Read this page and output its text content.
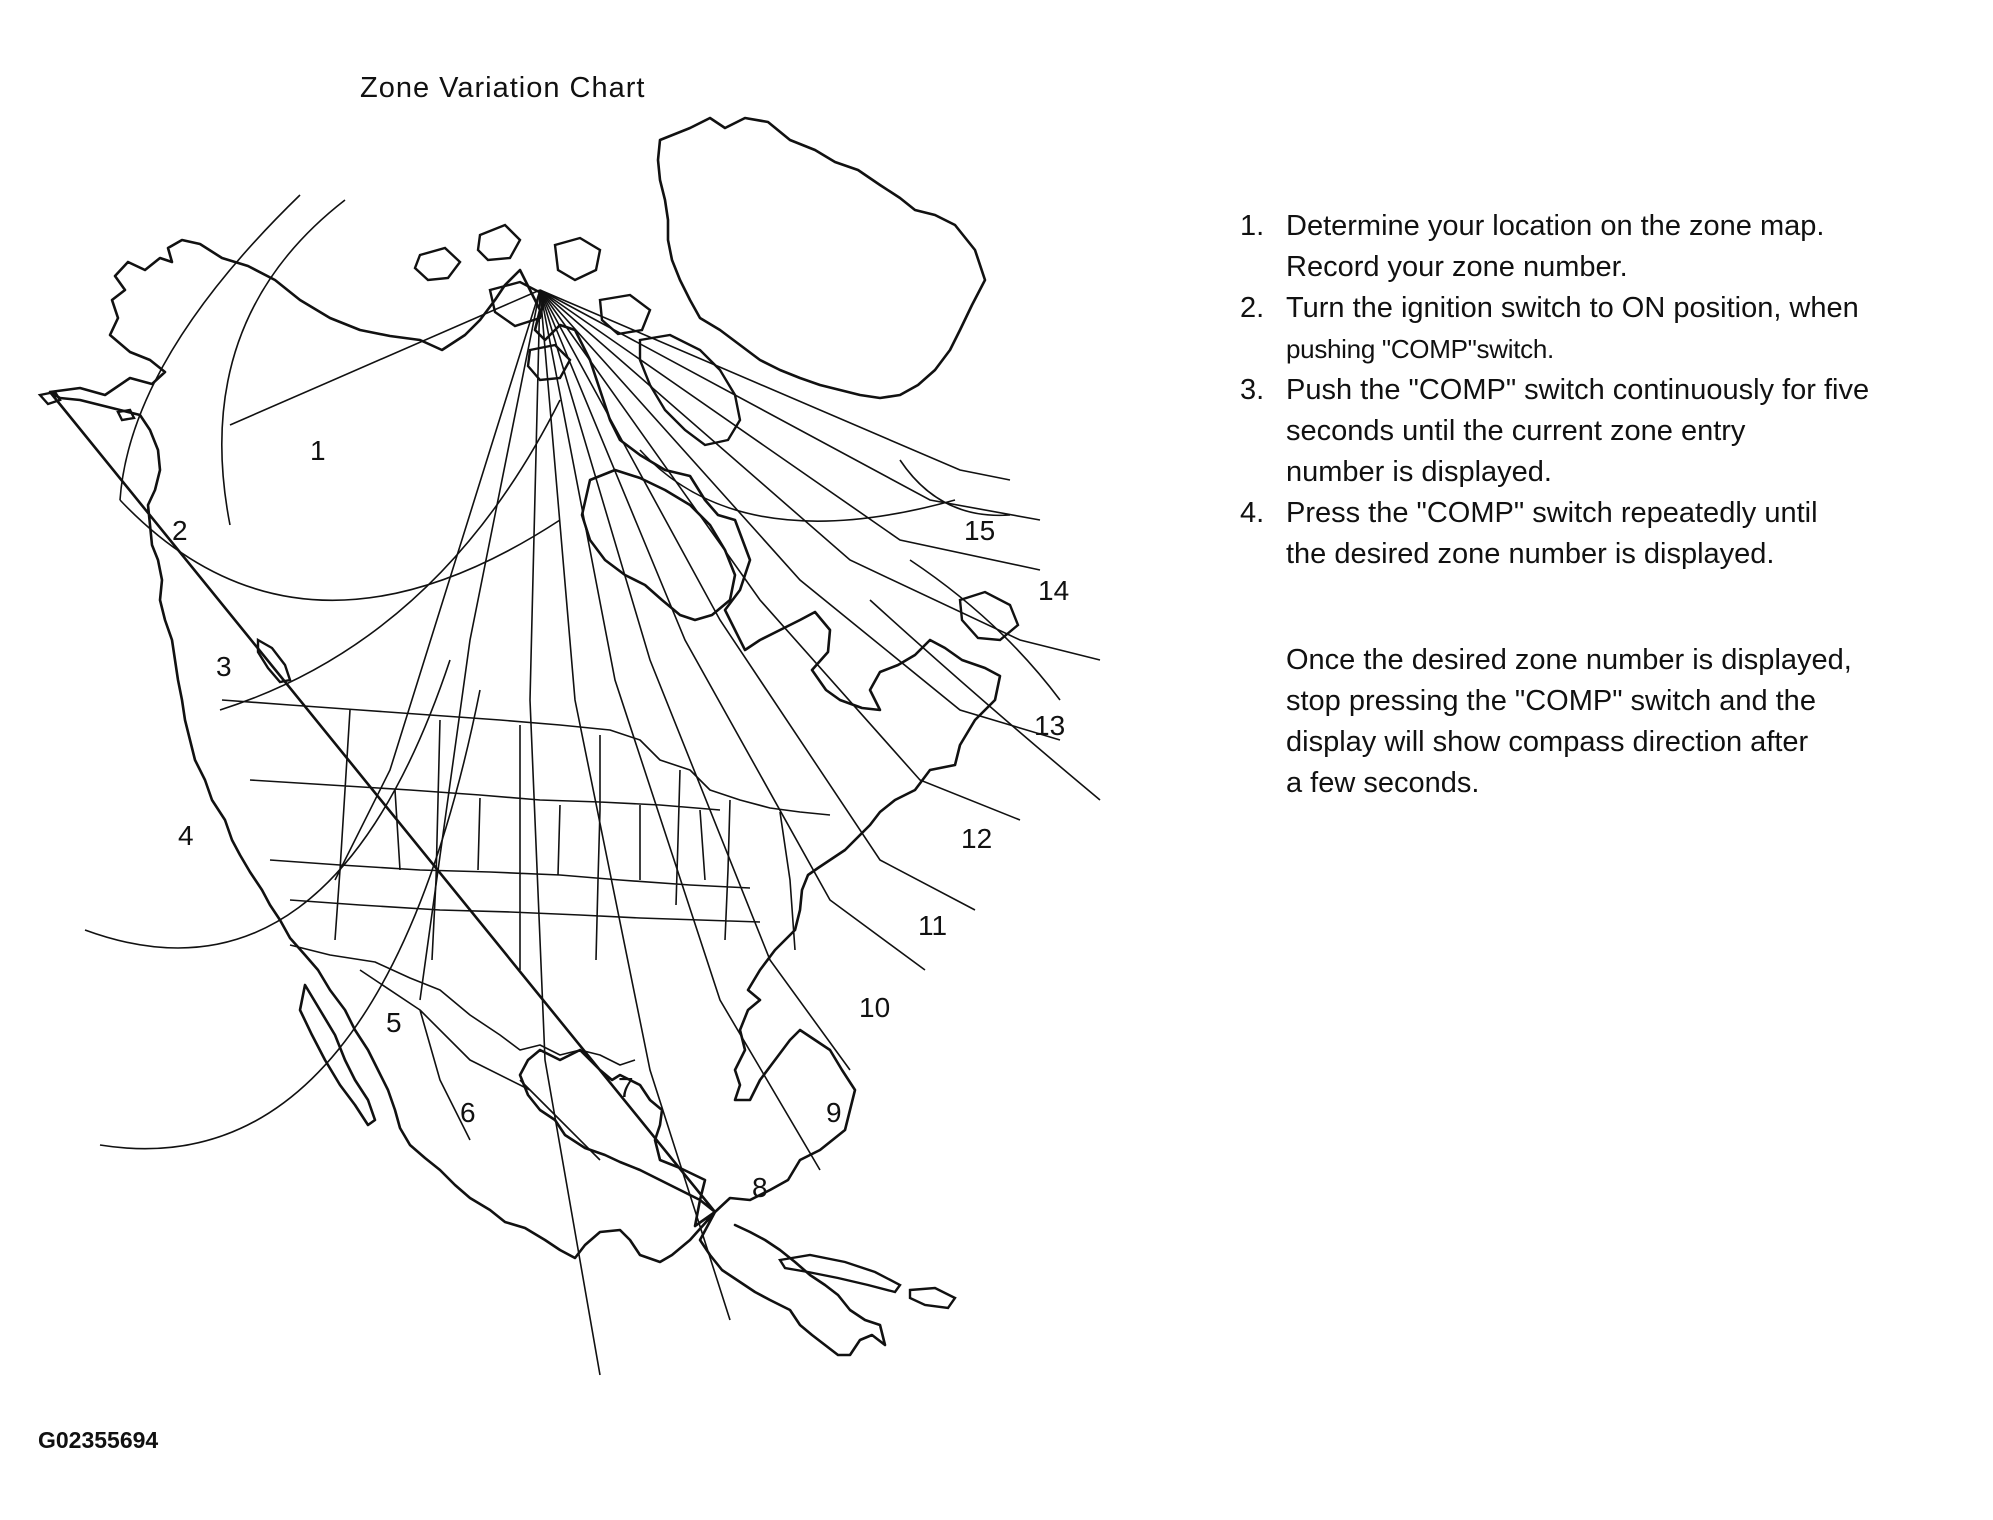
Zone Variation Chart
1
2
3
4
5
6
7
8
9
10
11
12
13
14
15
1. Determine your location on the zone map.
Record your zone number.
2. Turn the ignition switch to ON position, when
pushing "COMP"switch.
3. Push the "COMP" switch continuously for five
seconds until the current zone entry
number is displayed.
4. Press the "COMP" switch repeatedly until
the desired zone number is displayed.
Once the desired zone number is displayed,
stop pressing the "COMP" switch and the
display will show compass direction after
a few seconds.
G02355694
